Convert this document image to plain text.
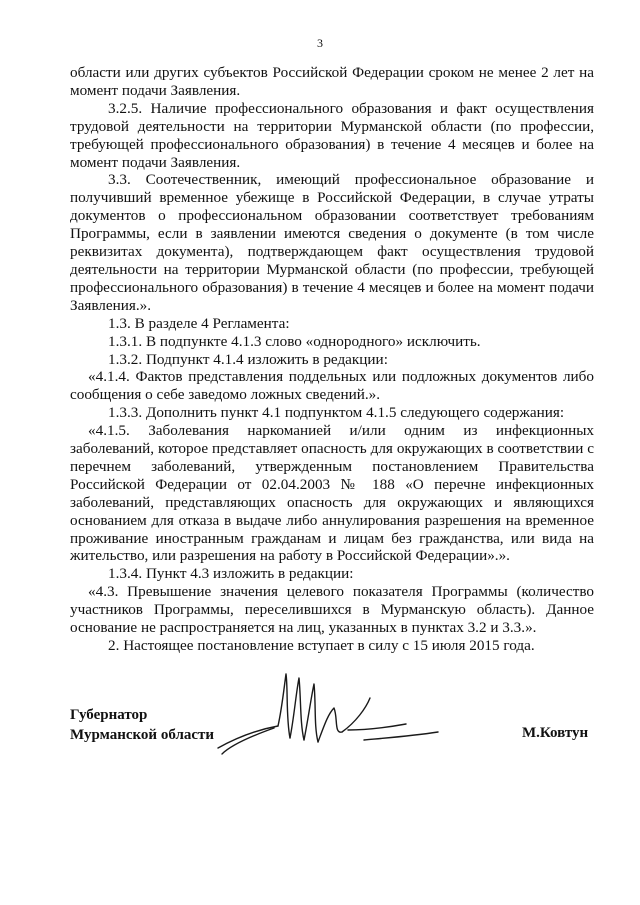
3

области или других субъектов Российской Федерации сроком не менее 2 лет на момент подачи Заявления.

3.2.5. Наличие профессионального образования и факт осуществления трудовой деятельности на территории Мурманской области (по профессии, требующей профессионального образования) в течение 4 месяцев и более на момент подачи Заявления.

3.3. Соотечественник, имеющий профессиональное образование и получивший временное убежище в Российской Федерации, в случае утраты документов о профессиональном образовании соответствует требованиям Программы, если в заявлении имеются сведения о документе (в том числе реквизитах документа), подтверждающем факт осуществления трудовой деятельности на территории Мурманской области (по профессии, требующей профессионального образования) в течение 4 месяцев и более на момент подачи Заявления.».

1.3. В разделе 4 Регламента:

1.3.1. В подпункте 4.1.3 слово «однородного» исключить.

1.3.2. Подпункт 4.1.4 изложить в редакции:

«4.1.4. Фактов представления поддельных или подложных документов либо сообщения о себе заведомо ложных сведений.».

1.3.3. Дополнить пункт 4.1 подпунктом 4.1.5 следующего содержания:

«4.1.5. Заболевания наркоманией и/или одним из инфекционных заболеваний, которое представляет опасность для окружающих в соответствии с перечнем заболеваний, утвержденным постановлением Правительства Российской Федерации от 02.04.2003 № 188 «О перечне инфекционных заболеваний, представляющих опасность для окружающих и являющихся основанием для отказа в выдаче либо аннулирования разрешения на временное проживание иностранным гражданам и лицам без гражданства, или вида на жительство, или разрешения на работу в Российской Федерации».».

1.3.4. Пункт 4.3 изложить в редакции:

«4.3. Превышение значения целевого показателя Программы (количество участников Программы, переселившихся в Мурманскую область). Данное основание не распространяется на лиц, указанных в пунктах 3.2 и 3.3.».

2. Настоящее постановление вступает в силу с 15 июля 2015 года.

Губернатор
Мурманской области	М.Ковтун
